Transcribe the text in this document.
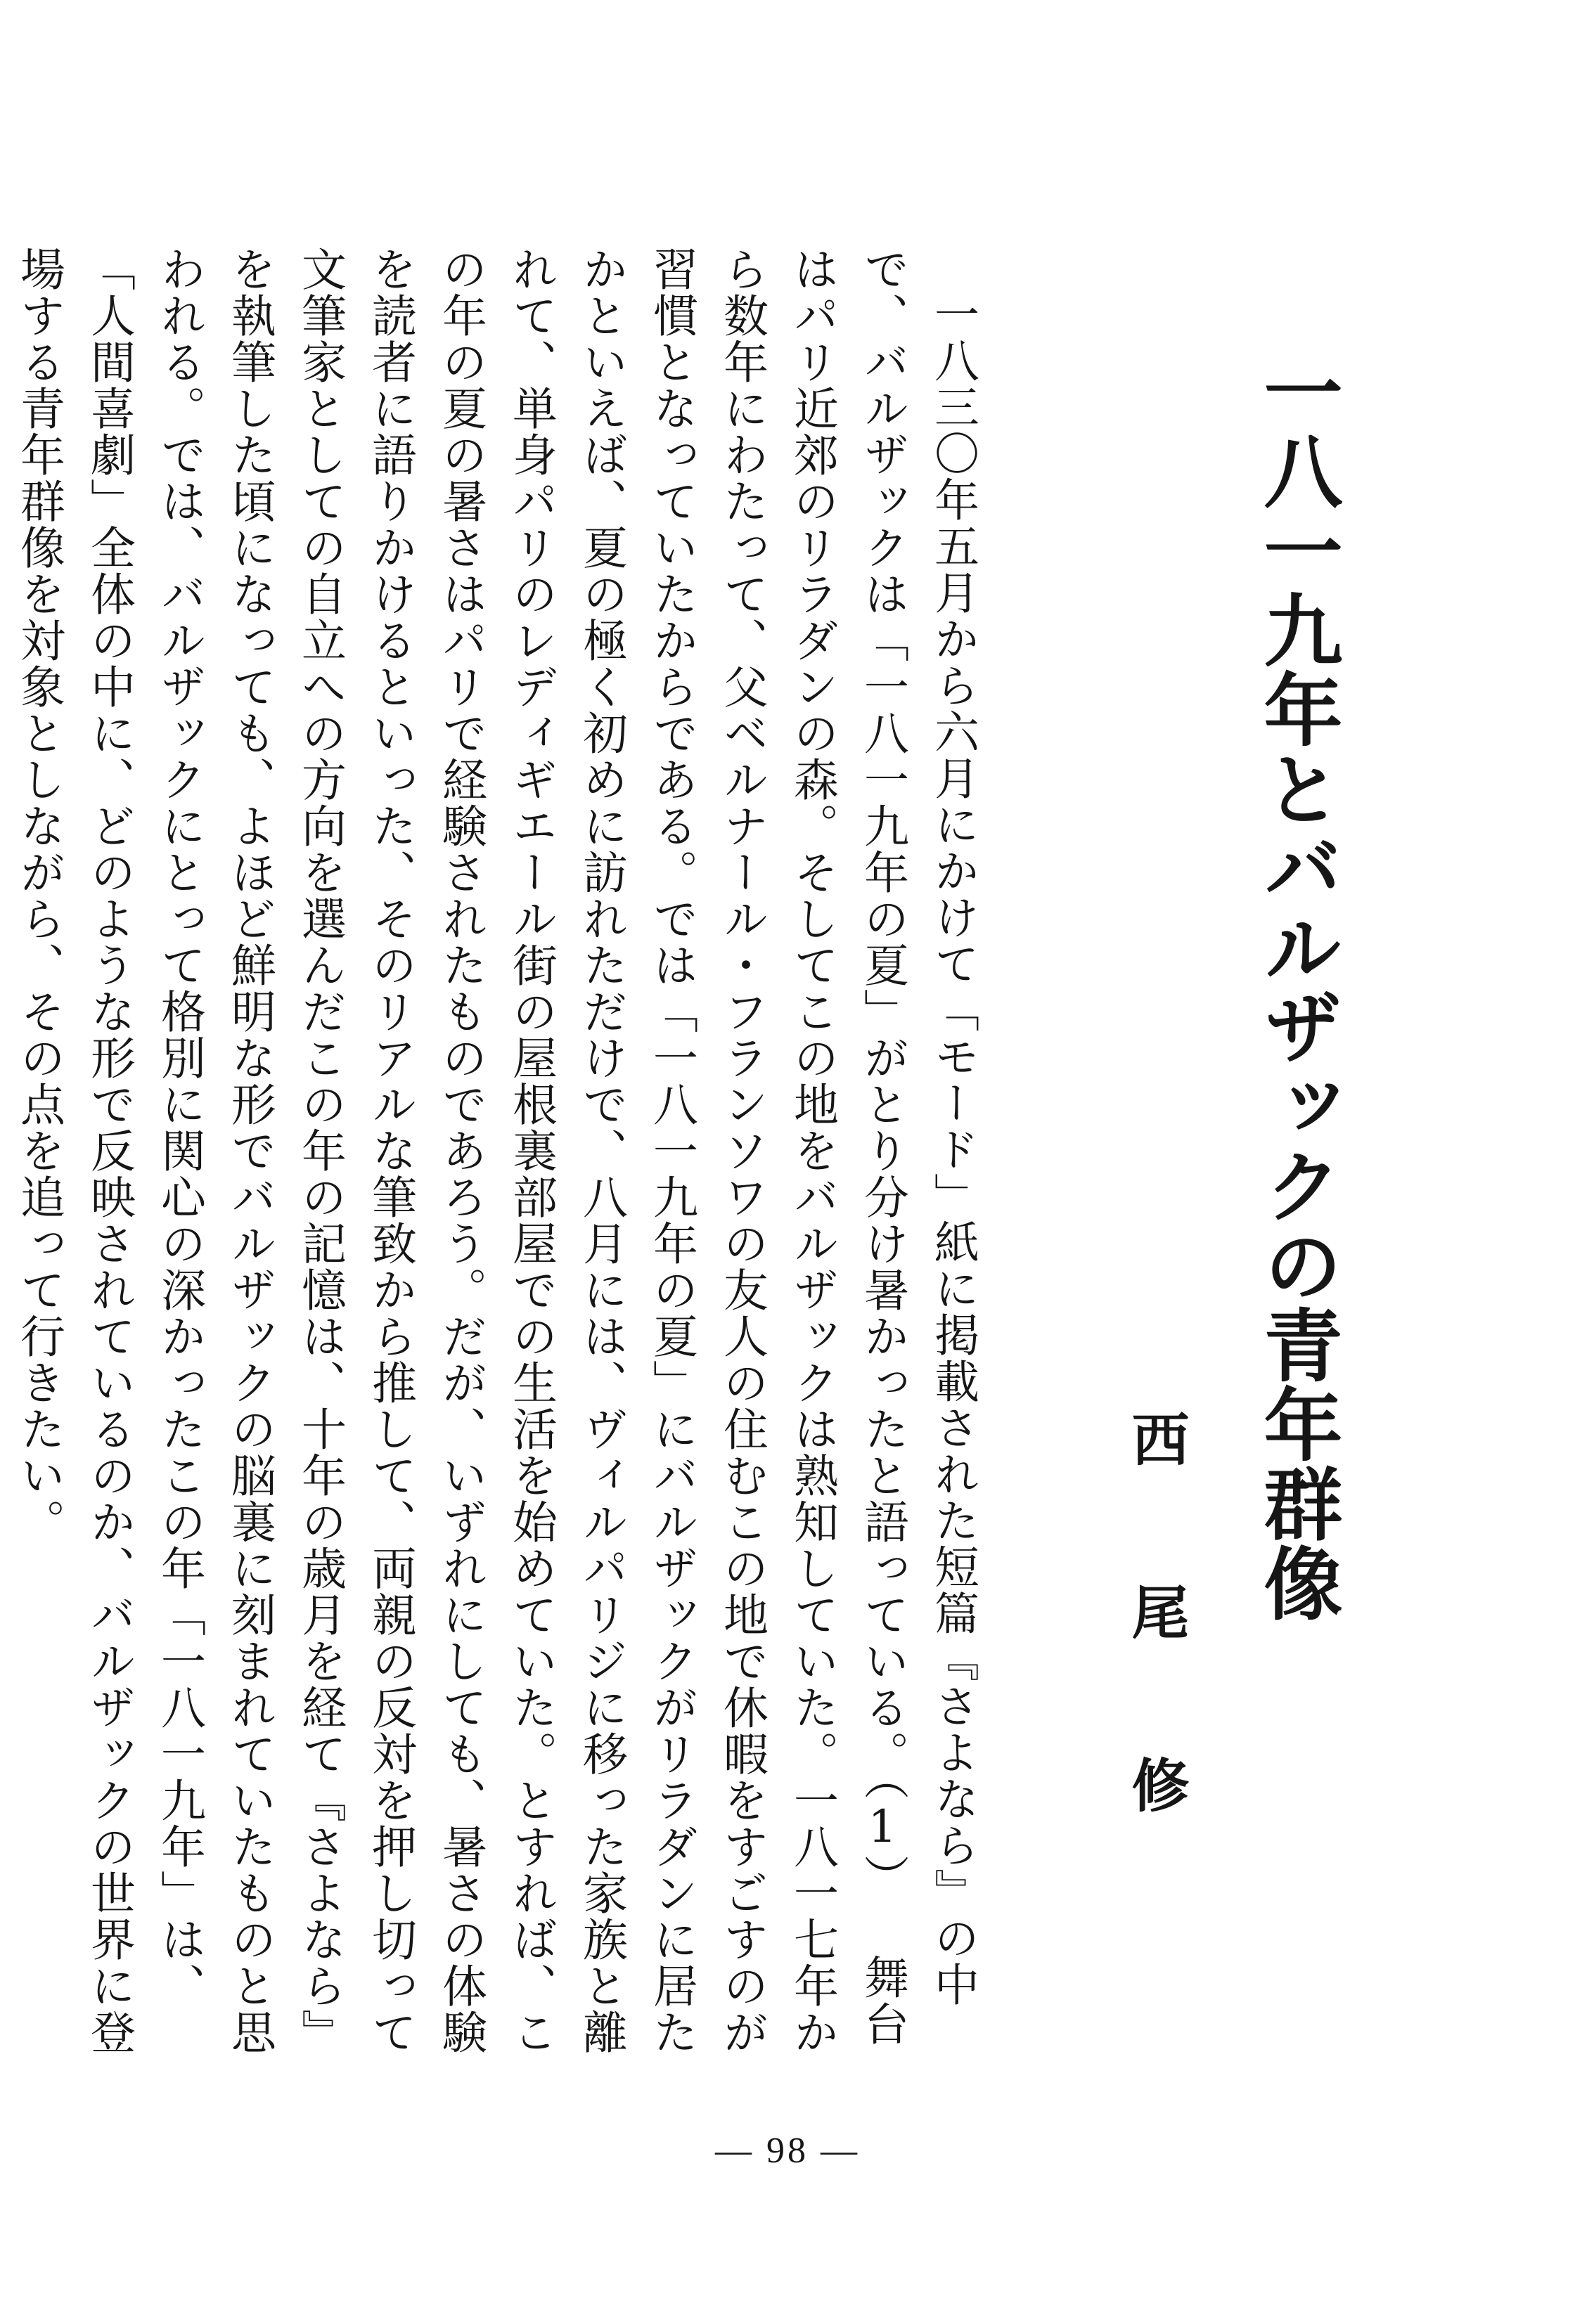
一八一九年とバルザックの青年群像
西　　尾　　修

一八三〇年五月から六月にかけて「モード」紙に掲載された短篇『さよなら』の中で、バルザックは「一八一九年の夏」がとり分け暑かったと語っている。（1） 舞台はパリ近郊のリラダンの森。そしてこの地をバルザックは熟知していた。一八一七年から数年にわたって、父ベルナール・フランソワの友人の住むこの地で休暇をすごすのが習慣となっていたからである。では「一八一九年の夏」にバルザックがリラダンに居たかといえば、夏の極く初めに訪れただけで、八月には、ヴィルパリジに移った家族と離れて、単身パリのレディギエール街の屋根裏部屋での生活を始めていた。とすれば、この年の夏の暑さはパリで経験されたものであろう。だが、いずれにしても、暑さの体験を読者に語りかけるといった、そのリアルな筆致から推して、両親の反対を押し切って文筆家としての自立への方向を選んだこの年の記憶は、十年の歳月を経て『さよなら』を執筆した頃になっても、よほど鮮明な形でバルザックの脳裏に刻まれていたものと思われる。では、バルザックにとって格別に関心の深かったこの年「一八一九年」は、「人間喜劇」全体の中に、どのような形で反映されているのか、バルザックの世界に登場する青年群像を対象としながら、その点を追って行きたい。

— 98 —
